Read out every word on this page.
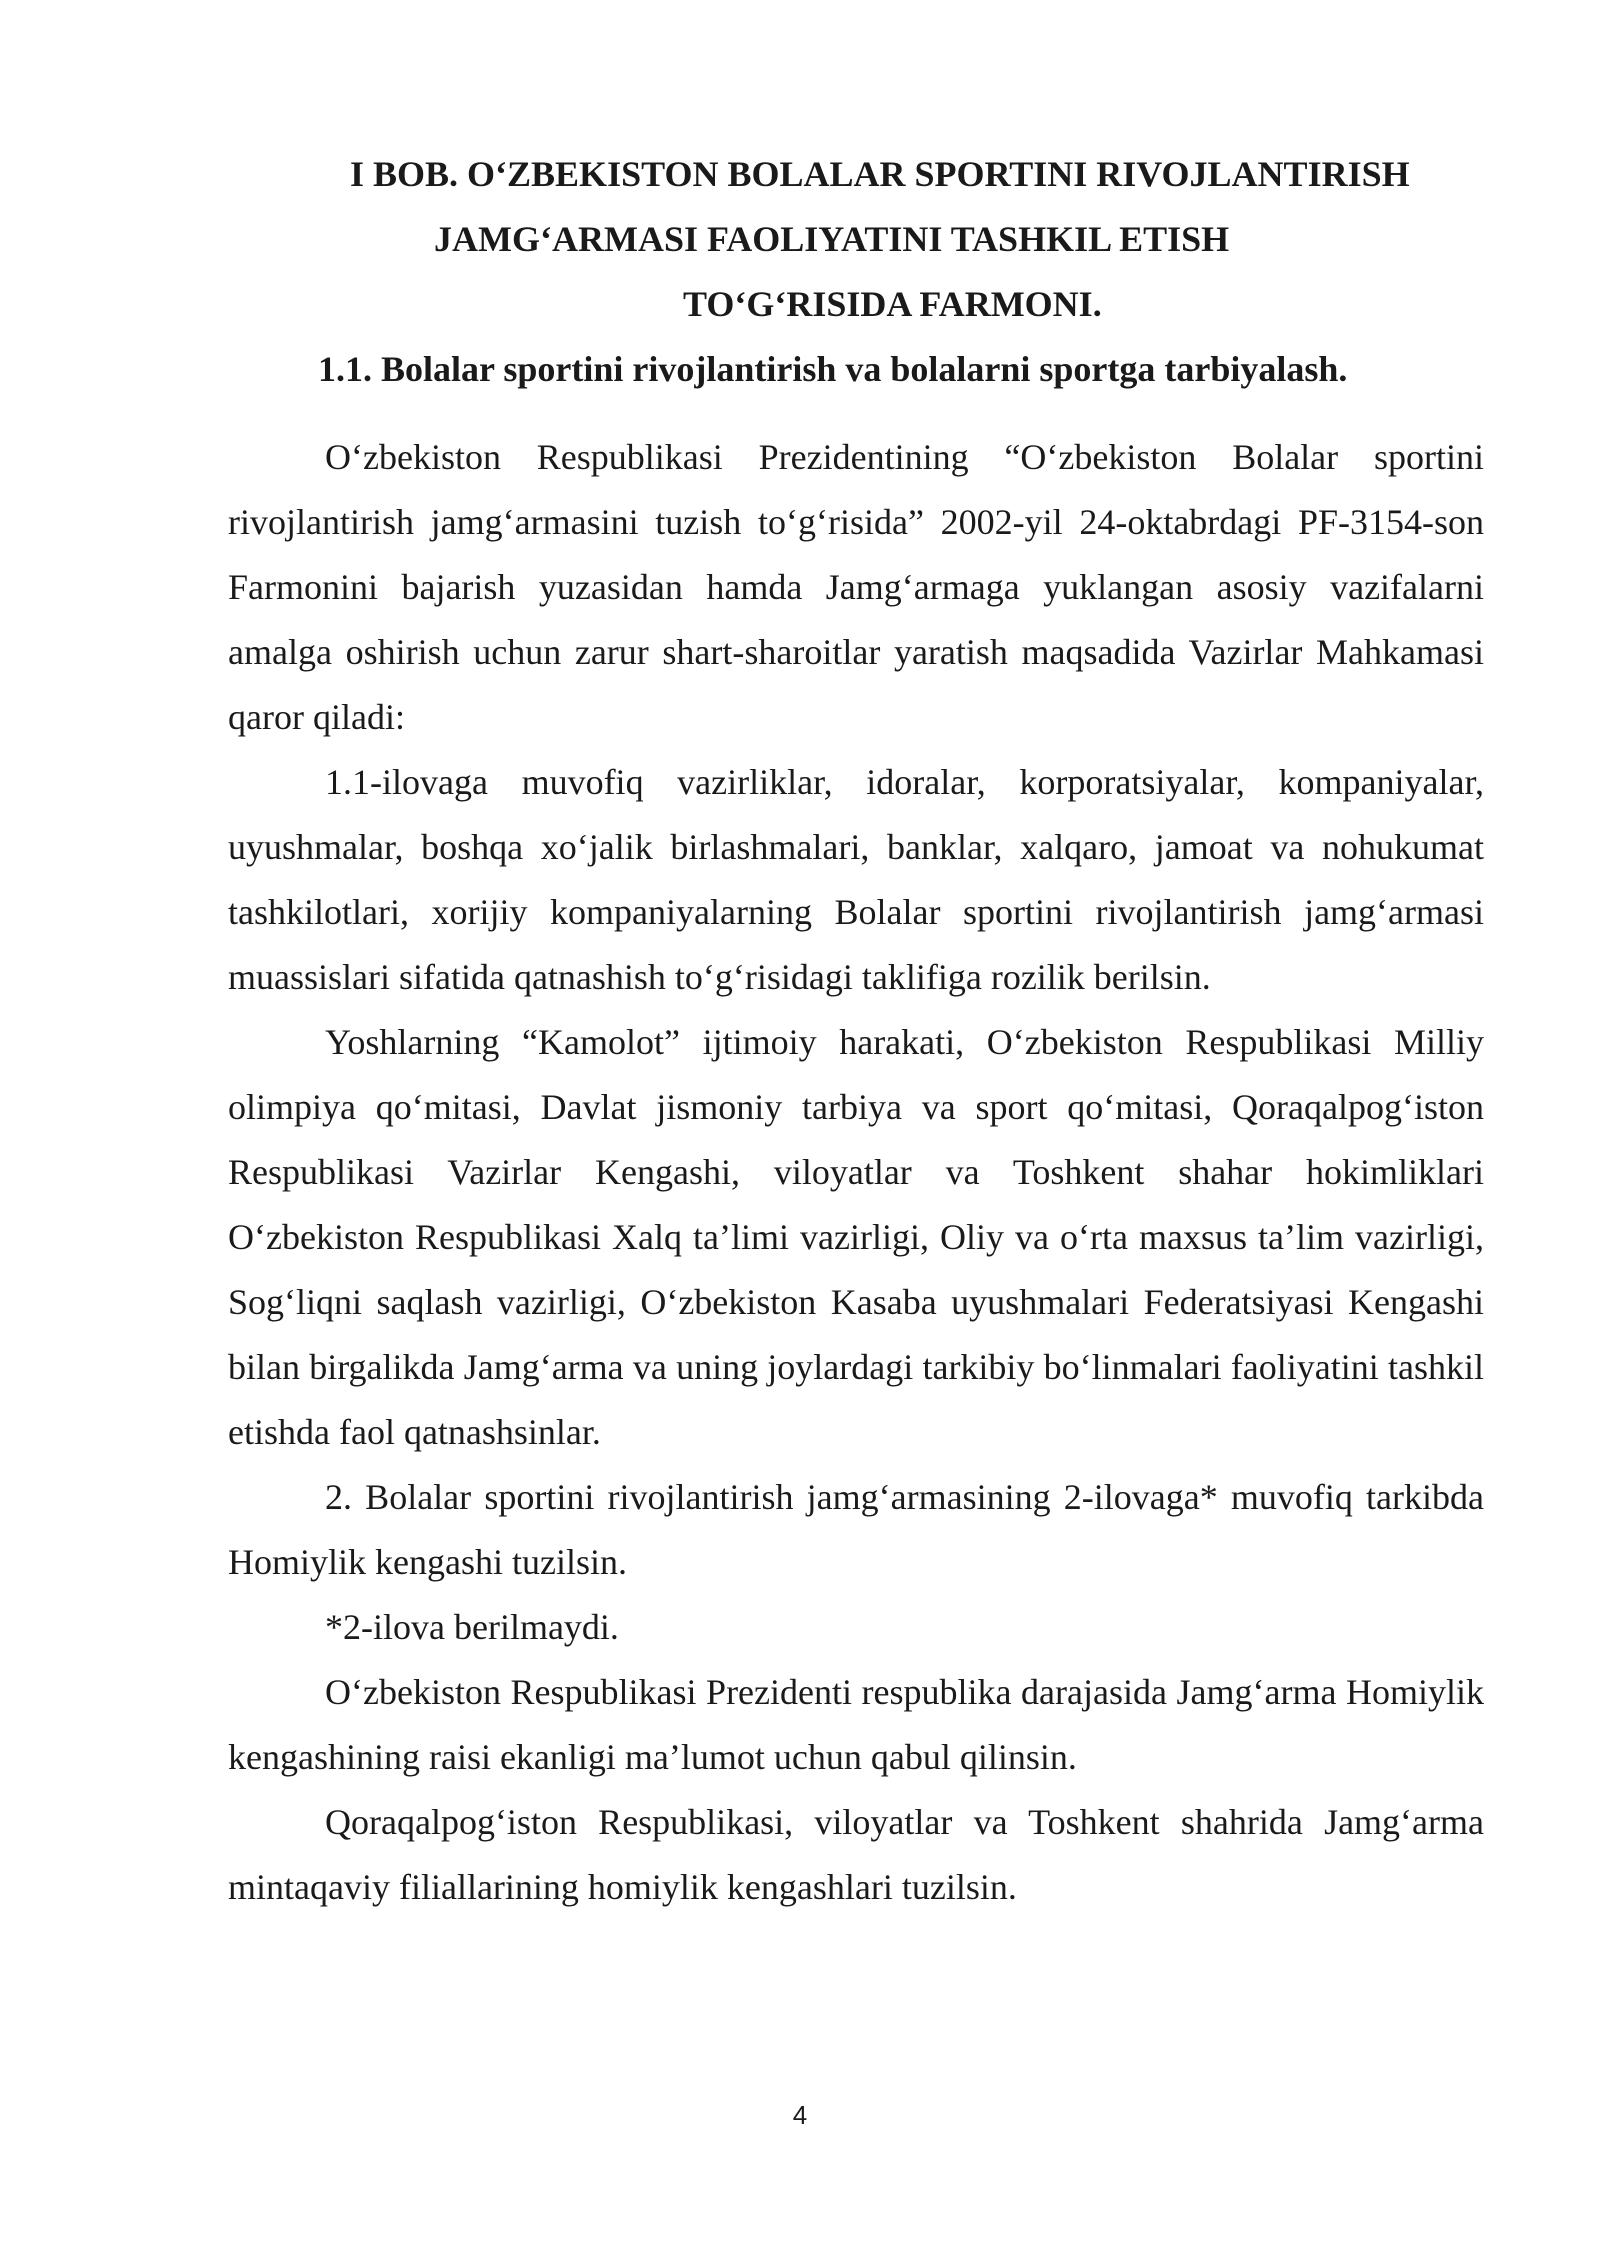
I BOB. O‘ZBEKISTON BOLALAR SPORTINI RIVOJLANTIRISH

JAMG‘ARMASI FAOLIYATINI TASHKIL ETISH

TO‘G‘RISIDA FARMONI.

1.1. Bolalar sportini rivojlantirish va bolalarni sportga tarbiyalash.

O‘zbekiston Respublikasi Prezidentining “O‘zbekiston Bolalar sportini rivojlantirish jamg‘armasini tuzish to‘g‘risida” 2002-yil 24-oktabrdagi PF-3154-son Farmonini bajarish yuzasidan hamda Jamg‘armaga yuklangan asosiy vazifalarni amalga oshirish uchun zarur shart-sharoitlar yaratish maqsadida Vazirlar Mahkamasi qaror qiladi:

1.1-ilovaga muvofiq vazirliklar, idoralar, korporatsiyalar, kompaniyalar, uyushmalar, boshqa xo‘jalik birlashmalari, banklar, xalqaro, jamoat va nohukumat tashkilotlari, xorijiy kompaniyalarning Bolalar sportini rivojlantirish jamg‘armasi muassislari sifatida qatnashish to‘g‘risidagi taklifiga rozilik berilsin.

Yoshlarning “Kamolot” ijtimoiy harakati, O‘zbekiston Respublikasi Milliy olimpiya qo‘mitasi, Davlat jismoniy tarbiya va sport qo‘mitasi, Qoraqalpog‘iston Respublikasi Vazirlar Kengashi, viloyatlar va Toshkent shahar hokimliklari O‘zbekiston Respublikasi Xalq ta’limi vazirligi, Oliy va o‘rta maxsus ta’lim vazirligi, Sog‘liqni saqlash vazirligi, O‘zbekiston Kasaba uyushmalari Federatsiyasi Kengashi bilan birgalikda Jamg‘arma va uning joylardagi tarkibiy bo‘linmalari faoliyatini tashkil etishda faol qatnashsinlar.

2. Bolalar sportini rivojlantirish jamg‘armasining 2-ilovaga* muvofiq tarkibda Homiylik kengashi tuzilsin.

*2-ilova berilmaydi.

O‘zbekiston Respublikasi Prezidenti respublika darajasida Jamg‘arma Homiylik kengashining raisi ekanligi ma’lumot uchun qabul qilinsin.

Qoraqalpog‘iston Respublikasi, viloyatlar va Toshkent shahrida Jamg‘arma mintaqaviy filiallarining homiylik kengashlari tuzilsin.

4
